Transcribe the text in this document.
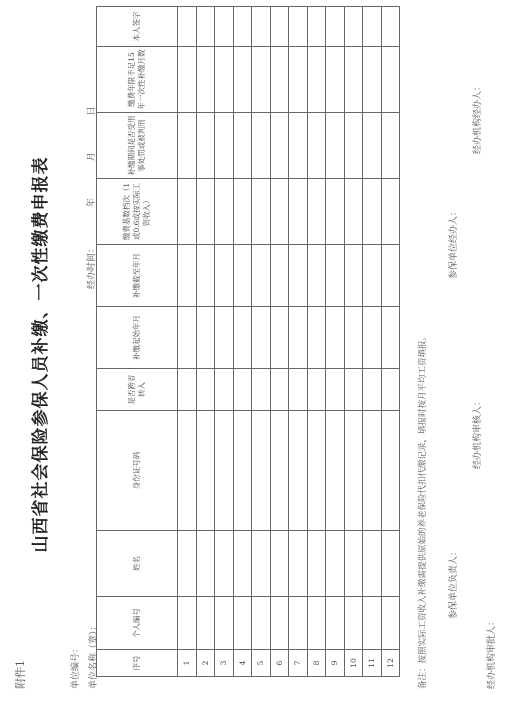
附件1
山西省社会保险参保人员补缴、一次性缴费申报表
单位编号： 单位名称（章）：
经办时间： 年 月 日
序号	个人编号	姓名	身份证号码	是否跨省转入	补缴起始年月	补缴截至年月	缴费基数档次（1或0.6或按实际工资收入）	补缴期间是否受刑事处罚或被判刑	缴费年限不足15年一次性补缴月数	本人签字
1										
2										
3										
4										
5										
6										
7										
8										
9										
10										
11										
12											备注：按照实际工资收入补缴需提供原始的养老保险代扣代缴记录，填报时按月平均工资填报。	参保单位负责人：
参保单位经办人：
经办机构审核人：
经办机构经办人：
经办机构审批人：
